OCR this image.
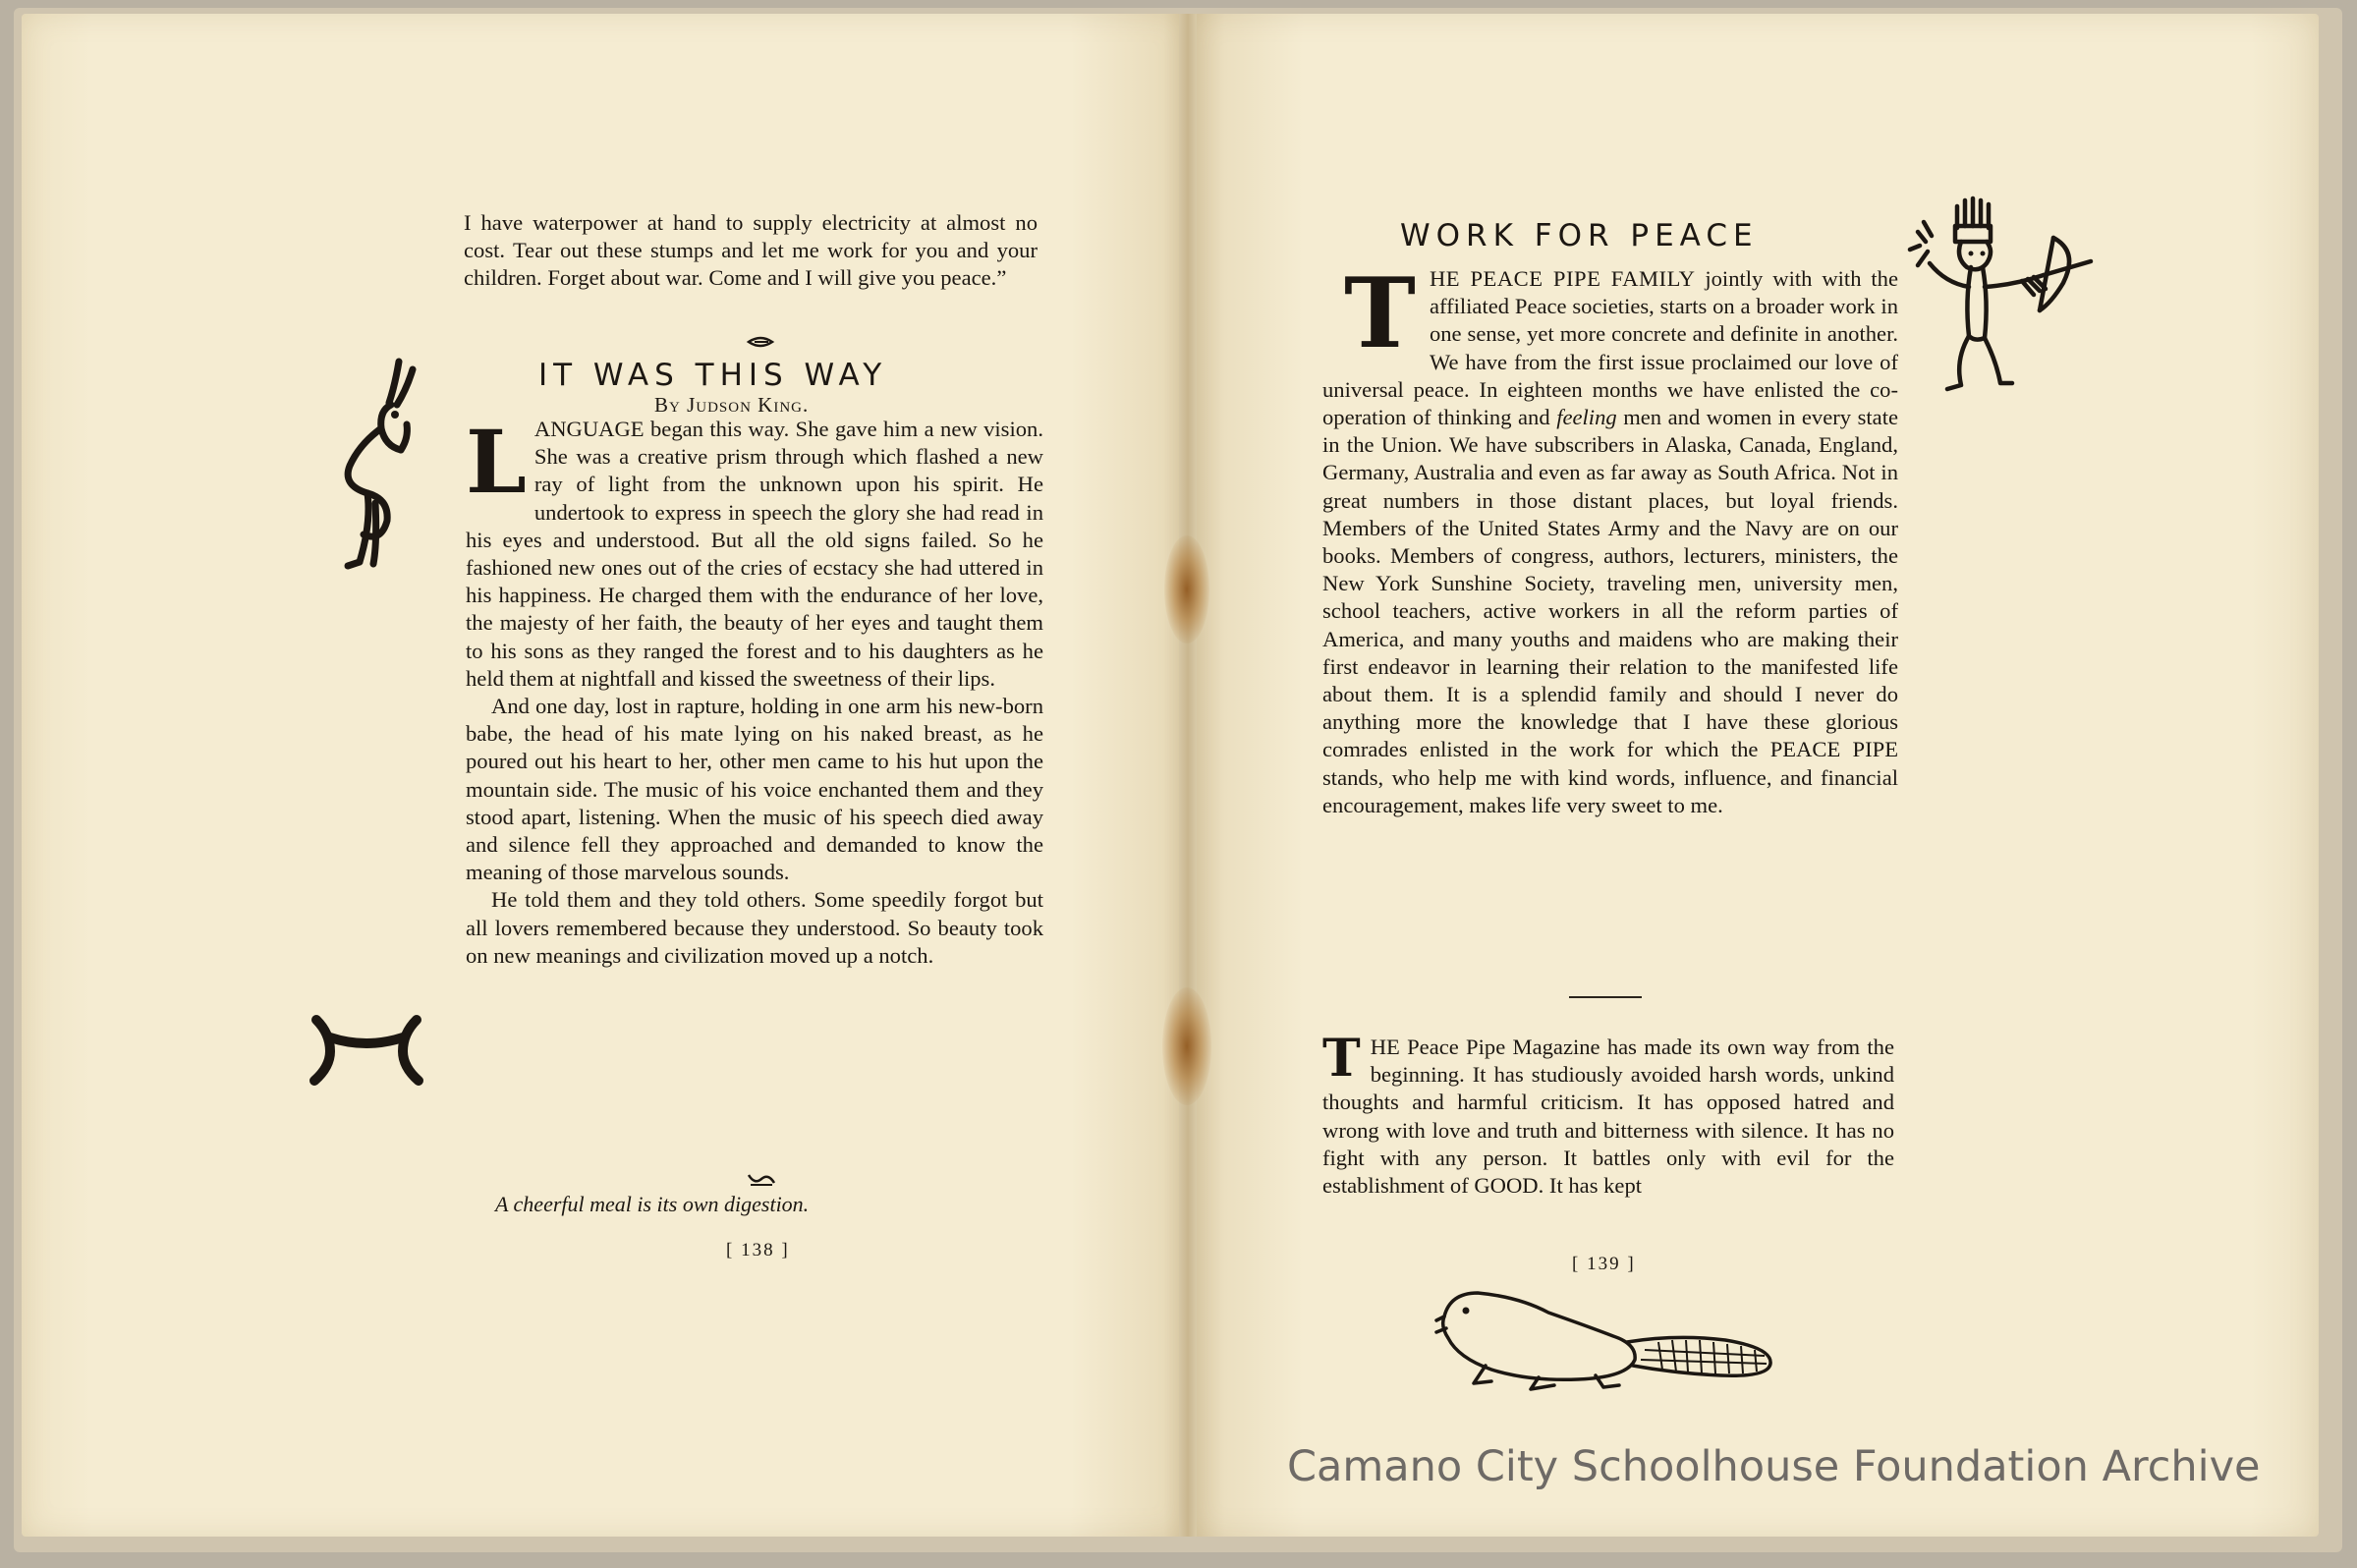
I have waterpower at hand to supply electricity at almost no cost. Tear out these stumps and let me work for you and your children. Forget about war. Come and I will give you peace.”

IT WAS THIS WAY
By Judson King.

LANGUAGE began this way. She gave him a new vision. She was a creative prism through which flashed a new ray of light from the unknown upon his spirit. He undertook to express in speech the glory she had read in his eyes and understood. But all the old signs failed. So he fashioned new ones out of the cries of ecstacy she had uttered in his happiness. He charged them with the endurance of her love, the majesty of her faith, the beauty of her eyes and taught them to his sons as they ranged the forest and to his daughters as he held them at nightfall and kissed the sweetness of their lips.

And one day, lost in rapture, holding in one arm his new-born babe, the head of his mate lying on his naked breast, as he poured out his heart to her, other men came to his hut upon the mountain side. The music of his voice enchanted them and they stood apart, listening. When the music of his speech died away and silence fell they approached and demanded to know the meaning of those marvelous sounds.

He told them and they told others. Some speedily forgot but all lovers remembered because they understood. So beauty took on new meanings and civilization moved up a notch.

A cheerful meal is its own digestion.
[ 138 ]
WORK FOR PEACE

THE PEACE PIPE FAMILY jointly with with the affiliated Peace societies, starts on a broader work in one sense, yet more concrete and definite in another. We have from the first issue proclaimed our love of universal peace. In eighteen months we have enlisted the co-operation of thinking and feeling men and women in every state in the Union. We have subscribers in Alaska, Canada, England, Germany, Australia and even as far away as South Africa. Not in great numbers in those distant places, but loyal friends. Members of the United States Army and the Navy are on our books. Members of congress, authors, lecturers, ministers, the New York Sunshine Society, traveling men, university men, school teachers, active workers in all the reform parties of America, and many youths and maidens who are making their first endeavor in learning their relation to the manifested life about them. It is a splendid family and should I never do anything more the knowledge that I have these glorious comrades enlisted in the work for which the PEACE PIPE stands, who help me with kind words, influence, and financial encouragement, makes life very sweet to me.

THE Peace Pipe Magazine has made its own way from the beginning. It has studiously avoided harsh words, unkind thoughts and harmful criticism. It has opposed hatred and wrong with love and truth and bitterness with silence. It has no fight with any person. It battles only with evil for the establishment of GOOD. It has kept

[ 139 ]
Camano City Schoolhouse Foundation Archive
